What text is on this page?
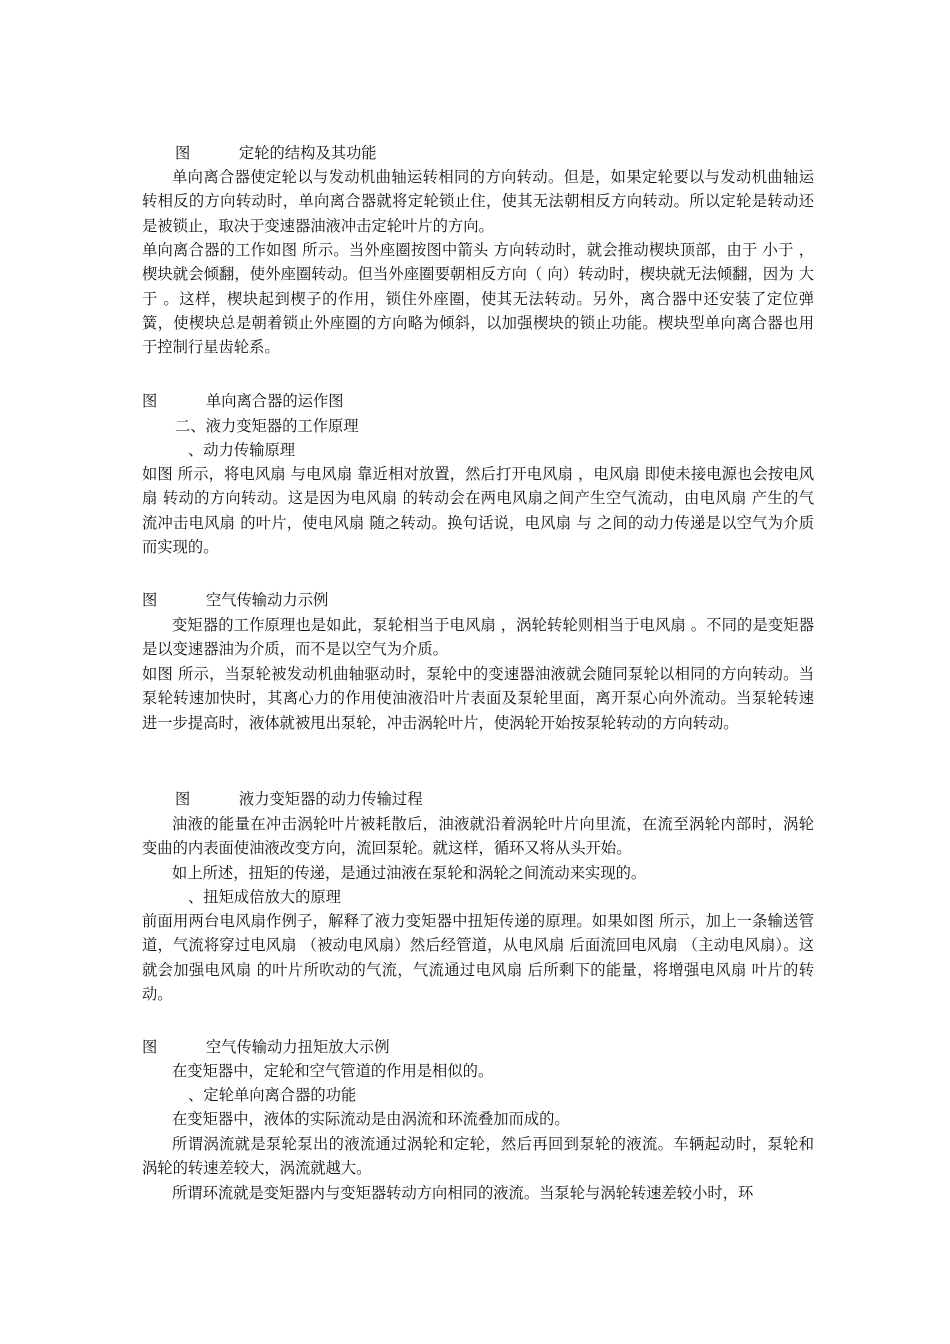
图          定轮的结构及其功能

单向离合器使定轮以与发动机曲轴运转相同的方向转动。但是，如果定轮要以与发动机曲轴运转相反的方向转动时，单向离合器就将定轮锁止住，使其无法朝相反方向转动。所以定轮是转动还是被锁止，取决于变速器油液冲击定轮叶片的方向。

单向离合器的工作如图 所示。当外座圈按图中箭头 方向转动时，就会推动楔块顶部，由于 小于 ，楔块就会倾翻，使外座圈转动。但当外座圈要朝相反方向（ 向）转动时，楔块就无法倾翻，因为 大于 。这样，楔块起到楔子的作用，锁住外座圈，使其无法转动。另外，离合器中还安装了定位弹簧，使楔块总是朝着锁止外座圈的方向略为倾斜，以加强楔块的锁止功能。楔块型单向离合器也用于控制行星齿轮系。

图          单向离合器的运作图

二、液力变矩器的工作原理

、动力传输原理

如图 所示，将电风扇 与电风扇 靠近相对放置，然后打开电风扇 ，电风扇 即使未接电源也会按电风扇 转动的方向转动。这是因为电风扇 的转动会在两电风扇之间产生空气流动，由电风扇 产生的气流冲击电风扇 的叶片，使电风扇 随之转动。换句话说，电风扇 与 之间的动力传递是以空气为介质而实现的。

图          空气传输动力示例

变矩器的工作原理也是如此，泵轮相当于电风扇 ，涡轮转轮则相当于电风扇 。不同的是变矩器是以变速器油为介质，而不是以空气为介质。

如图 所示，当泵轮被发动机曲轴驱动时，泵轮中的变速器油液就会随同泵轮以相同的方向转动。当泵轮转速加快时，其离心力的作用使油液沿叶片表面及泵轮里面，离开泵心向外流动。当泵轮转速进一步提高时，液体就被甩出泵轮，冲击涡轮叶片，使涡轮开始按泵轮转动的方向转动。

图          液力变矩器的动力传输过程

油液的能量在冲击涡轮叶片被耗散后，油液就沿着涡轮叶片向里流，在流至涡轮内部时，涡轮变曲的内表面使油液改变方向，流回泵轮。就这样，循环又将从头开始。

如上所述，扭矩的传递，是通过油液在泵轮和涡轮之间流动来实现的。

、扭矩成倍放大的原理

前面用两台电风扇作例子，解释了液力变矩器中扭矩传递的原理。如果如图 所示，加上一条输送管道，气流将穿过电风扇 （被动电风扇）然后经管道，从电风扇 后面流回电风扇 （主动电风扇）。这就会加强电风扇 的叶片所吹动的气流，气流通过电风扇 后所剩下的能量，将增强电风扇 叶片的转动。

图          空气传输动力扭矩放大示例

在变矩器中，定轮和空气管道的作用是相似的。

、定轮单向离合器的功能

在变矩器中，液体的实际流动是由涡流和环流叠加而成的。

所谓涡流就是泵轮泵出的液流通过涡轮和定轮，然后再回到泵轮的液流。车辆起动时，泵轮和涡轮的转速差较大，涡流就越大。

所谓环流就是变矩器内与变矩器转动方向相同的液流。当泵轮与涡轮转速差较小时，环
